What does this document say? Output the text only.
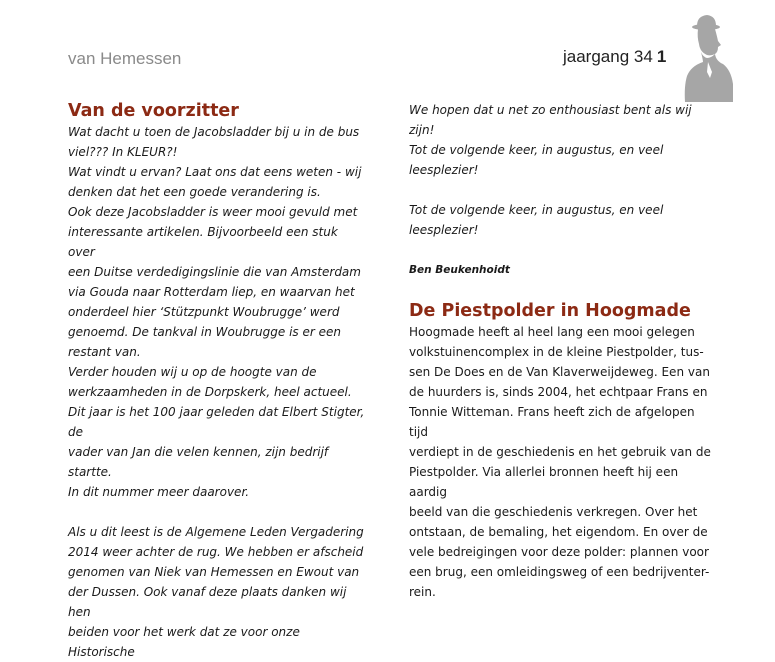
van Hemessen	jaargang 34 1
Van de voorzitter

Wat dacht u toen de Jacobsladder bij u in de bus

viel??? In KLEUR?!

Wat vindt u ervan? Laat ons dat eens weten - wij

denken dat het een goede verandering is.

Ook deze Jacobsladder is weer mooi gevuld met

interessante artikelen. Bijvoorbeeld een stuk over

een Duitse verdedigingslinie die van Amsterdam

via Gouda naar Rotterdam liep, en waarvan het

onderdeel hier ‘Stützpunkt Woubrugge’ werd

genoemd. De tankval in Woubrugge is er een

restant van.

Verder houden wij u op de hoogte van de

werkzaamheden in de Dorpskerk, heel actueel.

Dit jaar is het 100 jaar geleden dat Elbert Stigter, de

vader van Jan die velen kennen, zijn bedrijf startte.

In dit nummer meer daarover.

Als u dit leest is de Algemene Leden Vergadering

2014 weer achter de rug. We hebben er afscheid

genomen van Niek van Hemessen en Ewout van

der Dussen. Ook vanaf deze plaats danken wij hen

beiden voor het werk dat ze voor onze Historische

We hopen dat u net zo enthousiast bent als wij zijn!

Tot de volgende keer, in augustus, en veel

leesplezier!

Tot de volgende keer, in augustus, en veel

leesplezier!

Ben Beukenhoidt

De Piestpolder in Hoogmade

Hoogmade heeft al heel lang een mooi gelegen

volkstuinencomplex in de kleine Piestpolder, tus-

sen De Does en de Van Klaverweijdeweg. Een van

de huurders is, sinds 2004, het echtpaar Frans en

Tonnie Witteman. Frans heeft zich de afgelopen tijd

verdiept in de geschiedenis en het gebruik van de

Piestpolder. Via allerlei bronnen heeft hij een aardig

beeld van die geschiedenis verkregen. Over het

ontstaan, de bemaling, het eigendom. En over de

vele bedreigingen voor deze polder: plannen voor

een brug, een omleidingsweg of een bedrijventer-

rein.
